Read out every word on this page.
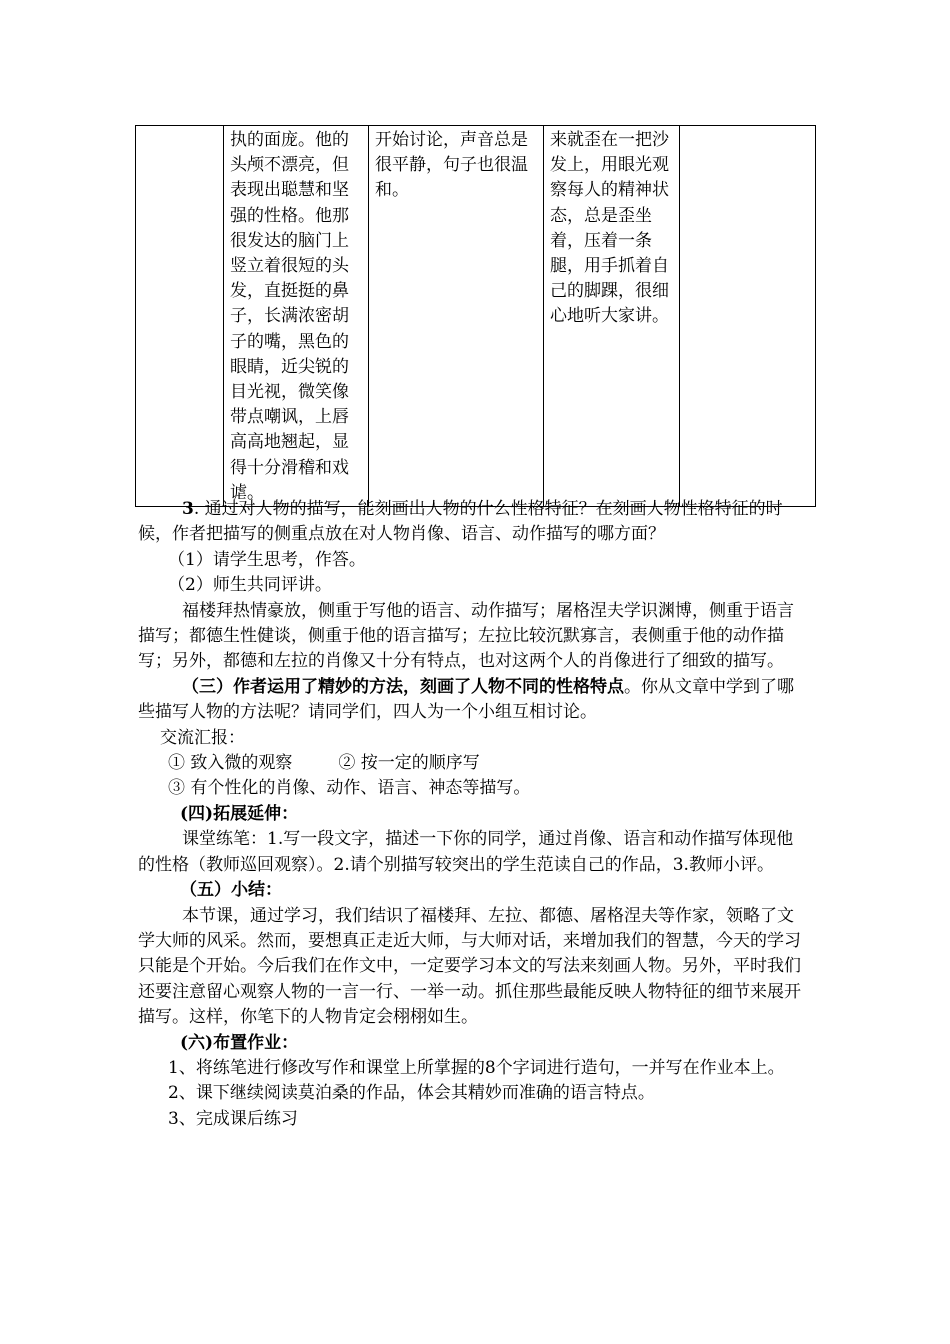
	执的面庞。他的头颅不漂亮，但表现出聪慧和坚强的性格。他那很发达的脑门上竖立着很短的头发，直挺挺的鼻子，长满浓密胡子的嘴，黑色的眼睛，近尖锐的目光视，微笑像带点嘲讽，上唇高高地翘起，显得十分滑稽和戏谑。	开始讨论，声音总是很平静，句子也很温和。	来就歪在一把沙发上，用眼光观察每人的精神状态，总是歪坐着，压着一条腿，用手抓着自己的脚踝，很细心地听大家讲。	

3. 通过对人物的描写，能刻画出人物的什么性格特征？在刻画人物性格特征的时候，作者把描写的侧重点放在对人物肖像、语言、动作描写的哪方面？

（1）请学生思考，作答。

（2）师生共同评讲。

福楼拜热情豪放，侧重于写他的语言、动作描写；屠格涅夫学识渊博，侧重于语言描写；都德生性健谈，侧重于他的语言描写；左拉比较沉默寡言，表侧重于他的动作描写；另外，都德和左拉的肖像又十分有特点，也对这两个人的肖像进行了细致的描写。

（三）作者运用了精妙的方法，刻画了人物不同的性格特点。你从文章中学到了哪些描写人物的方法呢？请同学们，四人为一个小组互相讨论。

交流汇报：

① 致入微的观察	② 按一定的顺序写

③ 有个性化的肖像、动作、语言、神态等描写。

(四)拓展延伸：

课堂练笔：1.写一段文字，描述一下你的同学，通过肖像、语言和动作描写体现他的性格（教师巡回观察）。2.请个别描写较突出的学生范读自己的作品，3.教师小评。

（五）小结：

本节课，通过学习，我们结识了福楼拜、左拉、都德、屠格涅夫等作家，领略了文学大师的风采。然而，要想真正走近大师，与大师对话，来增加我们的智慧，今天的学习只能是个开始。今后我们在作文中，一定要学习本文的写法来刻画人物。另外，平时我们还要注意留心观察人物的一言一行、一举一动。抓住那些最能反映人物特征的细节来展开描写。这样，你笔下的人物肯定会栩栩如生。

(六)布置作业：

1、将练笔进行修改写作和课堂上所掌握的8个字词进行造句，一并写在作业本上。

2、课下继续阅读莫泊桑的作品，体会其精妙而准确的语言特点。

3、完成课后练习
